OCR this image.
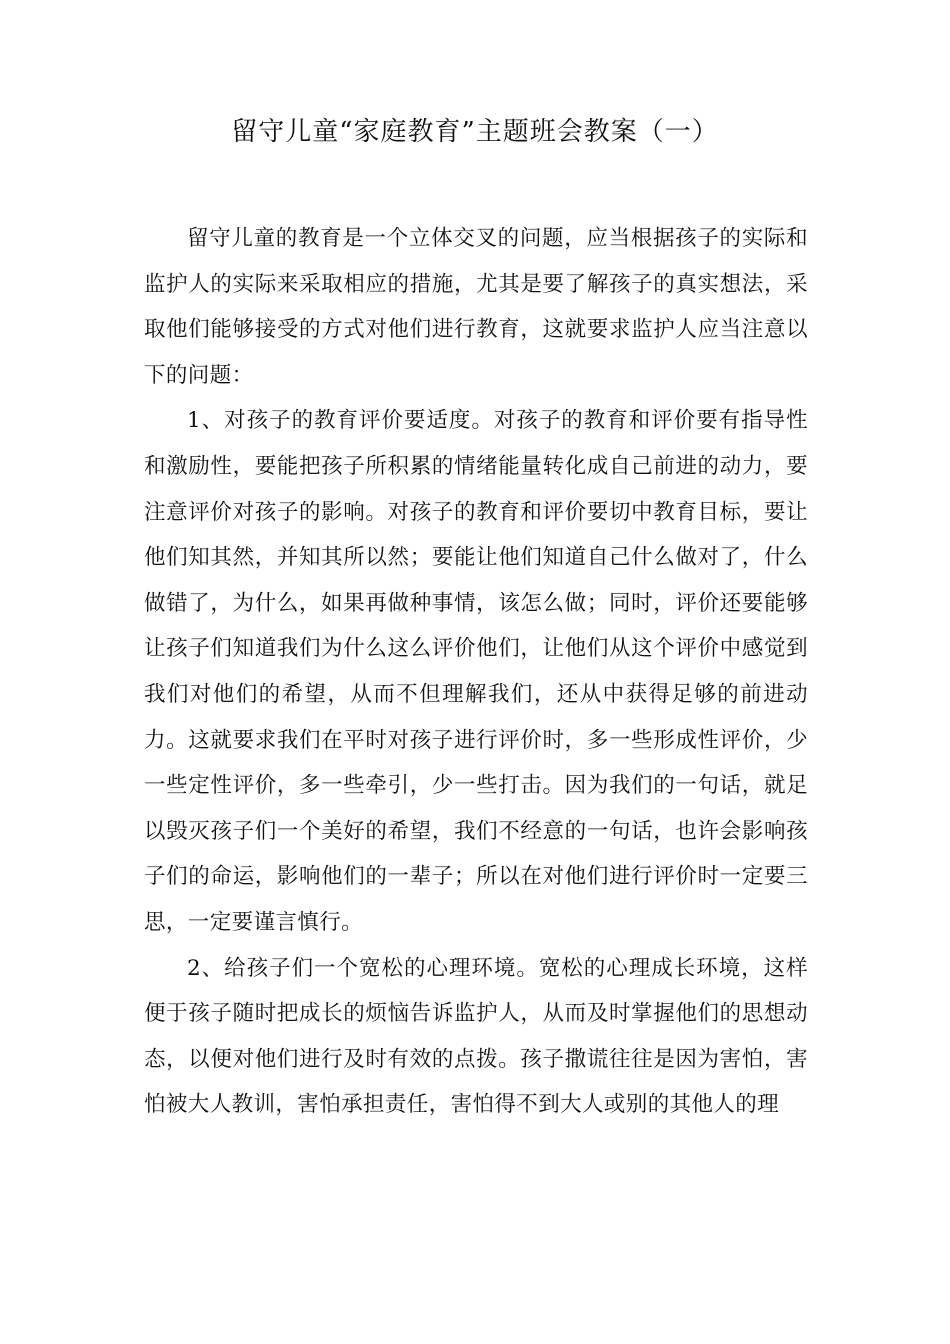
留守儿童“家庭教育”主题班会教案（一）

留守儿童的教育是一个立体交叉的问题，应当根据孩子的实际和监护人的实际来采取相应的措施，尤其是要了解孩子的真实想法，采取他们能够接受的方式对他们进行教育，这就要求监护人应当注意以下的问题：

1、对孩子的教育评价要适度。对孩子的教育和评价要有指导性和激励性，要能把孩子所积累的情绪能量转化成自己前进的动力，要注意评价对孩子的影响。对孩子的教育和评价要切中教育目标，要让他们知其然，并知其所以然；要能让他们知道自己什么做对了，什么做错了，为什么，如果再做种事情，该怎么做；同时，评价还要能够让孩子们知道我们为什么这么评价他们，让他们从这个评价中感觉到我们对他们的希望，从而不但理解我们，还从中获得足够的前进动力。这就要求我们在平时对孩子进行评价时，多一些形成性评价，少一些定性评价，多一些牵引，少一些打击。因为我们的一句话，就足以毁灭孩子们一个美好的希望，我们不经意的一句话，也许会影响孩子们的命运，影响他们的一辈子；所以在对他们进行评价时一定要三思，一定要谨言慎行。

2、给孩子们一个宽松的心理环境。宽松的心理成长环境，这样便于孩子随时把成长的烦恼告诉监护人，从而及时掌握他们的思想动态，以便对他们进行及时有效的点拨。孩子撒谎往往是因为害怕，害怕被大人教训，害怕承担责任，害怕得不到大人或别的其他人的理
